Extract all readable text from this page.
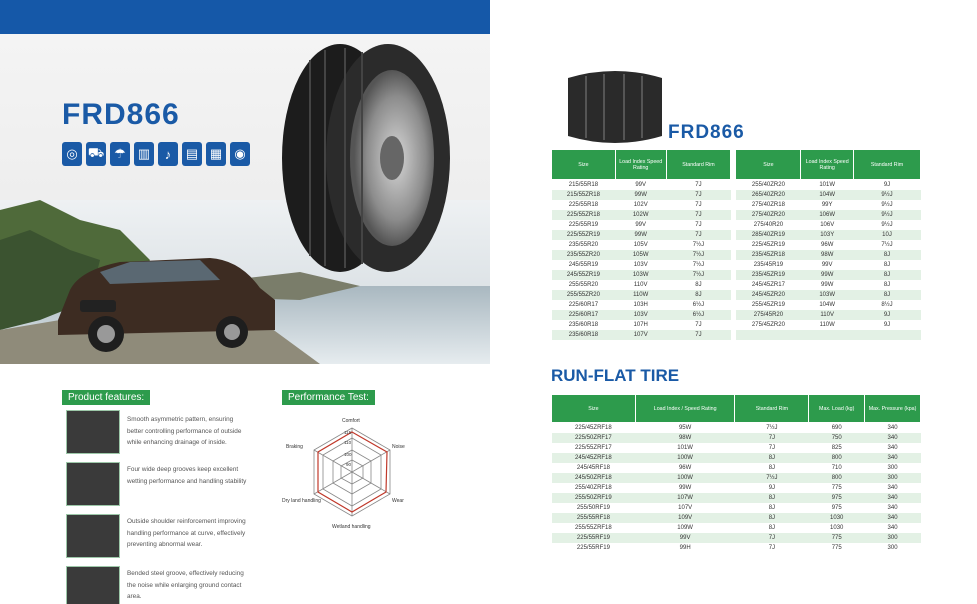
FRD866
◎ ⛟ ☂ ▥	♪	▤ ▦ ◉
Product features:
Smooth asymmetric pattern, ensuring better controlling performance of outside while enhancing drainage of inside.
Four wide deep grooves keep excellent wetting performance and handling stability
Outside shoulder reinforcement improving handling performance at curve, effectively preventing abnormal wear.
Bended steel groove, effectively reducing the noise while enlarging ground contact area.
Performance Test:
Comfort
Noise
Wear
Wetland handling
Dry land handling
Braking
115
110
100
90
FRD866
Size	Load Index Speed Rating	Standard Rim		Size	Load Index Speed Rating	Standard Rim
215/55R18	99V	7J		255/40ZR20	101W	9J
215/55ZR18	99W	7J		265/40ZR20	104W	9½J
225/55R18	102V	7J		275/40ZR18	99Y	9½J
225/55ZR18	102W	7J		275/40ZR20	106W	9½J
225/55R19	99V	7J		275/40R20	106V	9½J
225/55ZR19	99W	7J		285/40ZR19	103Y	10J
235/55R20	105V	7½J		225/45ZR19	96W	7½J
235/55ZR20	105W	7½J		235/45ZR18	98W	8J
245/55R19	103V	7½J		235/45R19	99V	8J
245/55ZR19	103W	7½J		235/45ZR19	99W	8J
255/55R20	110V	8J		245/45ZR17	99W	8J
255/55ZR20	110W	8J		245/45ZR20	103W	8J
225/60R17	103H	6½J		255/45ZR19	104W	8½J
225/60R17	103V	6½J		275/45R20	110V	9J
235/60R18	107H	7J		275/45ZR20	110W	9J
235/60R18	107V	7J				
RUN-FLAT TIRE
Size	Load Index / Speed Rating	Standard Rim	Max. Load (kg)	Max. Pressure (kpa)
225/45ZRF18	95W	7½J	690	340
225/50ZRF17	98W	7J	750	340
225/55ZRF17	101W	7J	825	340
245/45ZRF18	100W	8J	800	340
245/45RF18	96W	8J	710	300
245/50ZRF18	100W	7½J	800	300
255/40ZRF18	99W	9J	775	340
255/50ZRF19	107W	8J	975	340
255/50RF19	107V	8J	975	340
255/55RF18	109V	8J	1030	340
255/55ZRF18	109W	8J	1030	340
225/55RF19	99V	7J	775	300
225/55RF19	99H	7J	775	300
